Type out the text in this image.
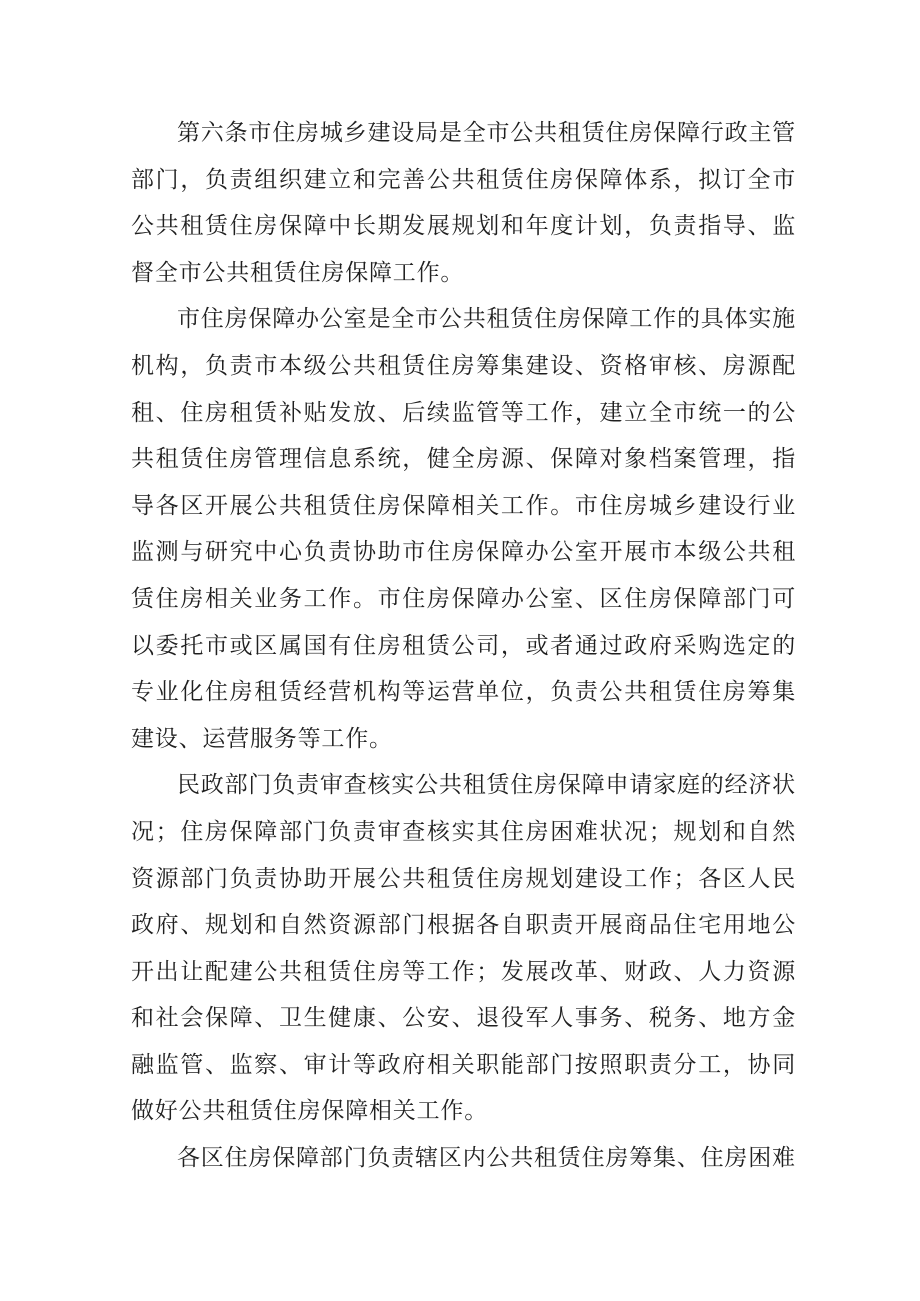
第六条市住房城乡建设局是全市公共租赁住房保障行政主管部门，负责组织建立和完善公共租赁住房保障体系，拟订全市公共租赁住房保障中长期发展规划和年度计划，负责指导、监督全市公共租赁住房保障工作。

市住房保障办公室是全市公共租赁住房保障工作的具体实施机构，负责市本级公共租赁住房筹集建设、资格审核、房源配租、住房租赁补贴发放、后续监管等工作，建立全市统一的公共租赁住房管理信息系统，健全房源、保障对象档案管理，指导各区开展公共租赁住房保障相关工作。市住房城乡建设行业监测与研究中心负责协助市住房保障办公室开展市本级公共租赁住房相关业务工作。市住房保障办公室、区住房保障部门可以委托市或区属国有住房租赁公司，或者通过政府采购选定的专业化住房租赁经营机构等运营单位，负责公共租赁住房筹集建设、运营服务等工作。

民政部门负责审查核实公共租赁住房保障申请家庭的经济状况；住房保障部门负责审查核实其住房困难状况；规划和自然资源部门负责协助开展公共租赁住房规划建设工作；各区人民政府、规划和自然资源部门根据各自职责开展商品住宅用地公开出让配建公共租赁住房等工作；发展改革、财政、人力资源和社会保障、卫生健康、公安、退役军人事务、税务、地方金融监管、监察、审计等政府相关职能部门按照职责分工，协同做好公共租赁住房保障相关工作。

各区住房保障部门负责辖区内公共租赁住房筹集、住房困难
